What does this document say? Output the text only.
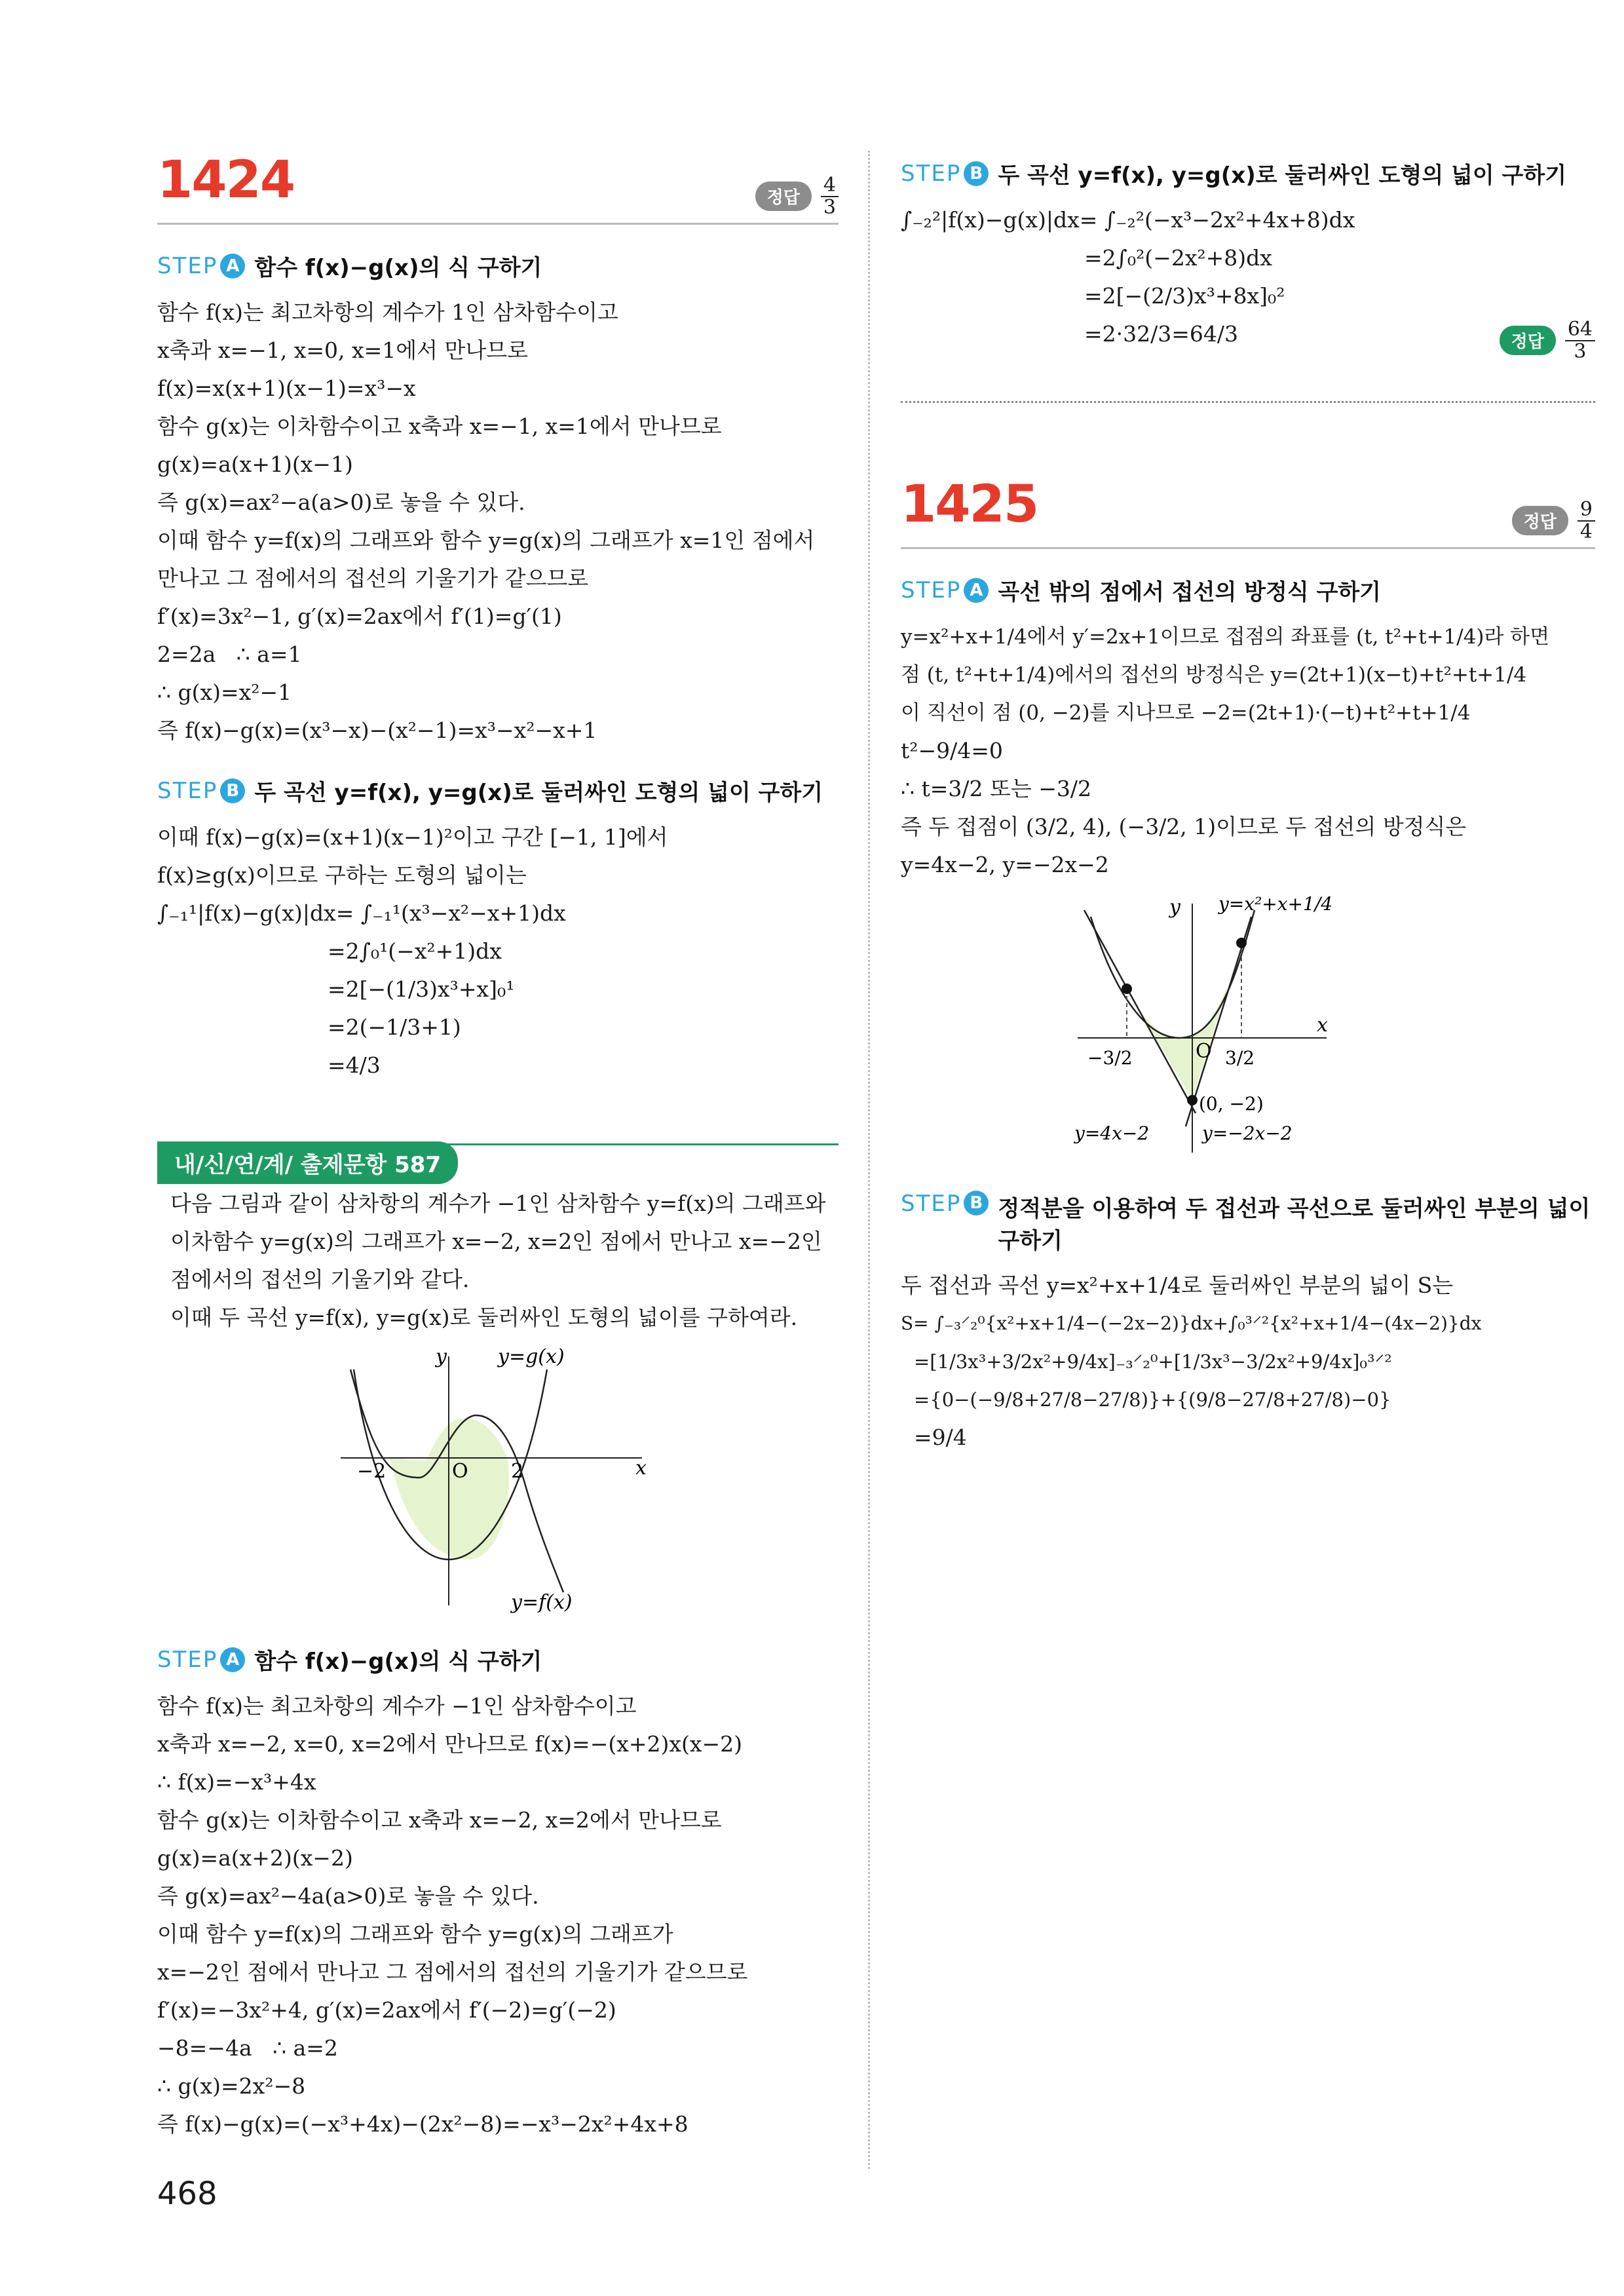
1424	정답	$\frac{4}{3}$
STEP A 함수 f(x)−g(x)의 식 구하기
함수 f(x)는 최고차항의 계수가 1인 삼차함수이고
x축과 x=−1, x=0, x=1에서 만나므로
f(x)=x(x+1)(x−1)=x³−x
함수 g(x)는 이차함수이고 x축과 x=−1, x=1에서 만나므로
g(x)=a(x+1)(x−1)
즉 g(x)=ax²−a(a>0)로 놓을 수 있다.
이때 함수 y=f(x)의 그래프와 함수 y=g(x)의 그래프가 x=1인 점에서
만나고 그 점에서의 접선의 기울기가 같으므로
f′(x)=3x²−1, g′(x)=2ax에서 f′(1)=g′(1)
2=2a   ∴ a=1
∴ g(x)=x²−1
즉 f(x)−g(x)=(x³−x)−(x²−1)=x³−x²−x+1
STEP B 두 곡선 y=f(x), y=g(x)로 둘러싸인 도형의 넓이 구하기
이때 f(x)−g(x)=(x+1)(x−1)²이고 구간 [−1, 1]에서
f(x)≥g(x)이므로 구하는 도형의 넓이는
∫₋₁¹|f(x)−g(x)|dx= ∫₋₁¹(x³−x²−x+1)dx
=2∫₀¹(−x²+1)dx
=2[−(1/3)x³+x]₀¹
=2(−1/3+1)
=4/3
내/신/연/계/ 출제문항 587
다음 그림과 같이 삼차항의 계수가 −1인 삼차함수 y=f(x)의 그래프와
이차함수 y=g(x)의 그래프가 x=−2, x=2인 점에서 만나고 x=−2인
점에서의 접선의 기울기와 같다.
이때 두 곡선 y=f(x), y=g(x)로 둘러싸인 도형의 넓이를 구하여라.
y
x
O
−2	2
y=g(x)
y=f(x)
STEP A 함수 f(x)−g(x)의 식 구하기
함수 f(x)는 최고차항의 계수가 −1인 삼차함수이고
x축과 x=−2, x=0, x=2에서 만나므로 f(x)=−(x+2)x(x−2)
∴ f(x)=−x³+4x
함수 g(x)는 이차함수이고 x축과 x=−2, x=2에서 만나므로
g(x)=a(x+2)(x−2)
즉 g(x)=ax²−4a(a>0)로 놓을 수 있다.
이때 함수 y=f(x)의 그래프와 함수 y=g(x)의 그래프가
x=−2인 점에서 만나고 그 점에서의 접선의 기울기가 같으므로
f′(x)=−3x²+4, g′(x)=2ax에서 f′(−2)=g′(−2)
−8=−4a   ∴ a=2
∴ g(x)=2x²−8
즉 f(x)−g(x)=(−x³+4x)−(2x²−8)=−x³−2x²+4x+8
STEP B 두 곡선 y=f(x), y=g(x)로 둘러싸인 도형의 넓이 구하기
∫₋₂²|f(x)−g(x)|dx= ∫₋₂²(−x³−2x²+4x+8)dx
=2∫₀²(−2x²+8)dx
=2[−(2/3)x³+8x]₀²
=2·32/3=64/3	정답	$\frac{64}{3}$
1425	정답	$\frac{9}{4}$
STEP A 곡선 밖의 점에서 접선의 방정식 구하기
y=x²+x+1/4에서 y′=2x+1이므로 접점의 좌표를 (t, t²+t+1/4)라 하면
점 (t, t²+t+1/4)에서의 접선의 방정식은 y=(2t+1)(x−t)+t²+t+1/4
이 직선이 점 (0, −2)를 지나므로 −2=(2t+1)·(−t)+t²+t+1/4
t²−9/4=0
∴ t=3/2 또는 −3/2
즉 두 접점이 (3/2, 4), (−3/2, 1)이므로 두 접선의 방정식은
y=4x−2, y=−2x−2
y
x
O
y=x²+x+1/4
−3/2	3/2
(0, −2)
y=4x−2	y=−2x−2
STEP B 정적분을 이용하여 두 접선과 곡선으로 둘러싸인 부분의 넓이
구하기
두 접선과 곡선 y=x²+x+1/4로 둘러싸인 부분의 넓이 S는
S= ∫₋₃⸍₂⁰{x²+x+1/4−(−2x−2)}dx+∫₀³⸍²{x²+x+1/4−(4x−2)}dx
=[1/3x³+3/2x²+9/4x]₋₃⸍₂⁰+[1/3x³−3/2x²+9/4x]₀³⸍²
={0−(−9/8+27/8−27/8)}+{(9/8−27/8+27/8)−0}
=9/4
468
